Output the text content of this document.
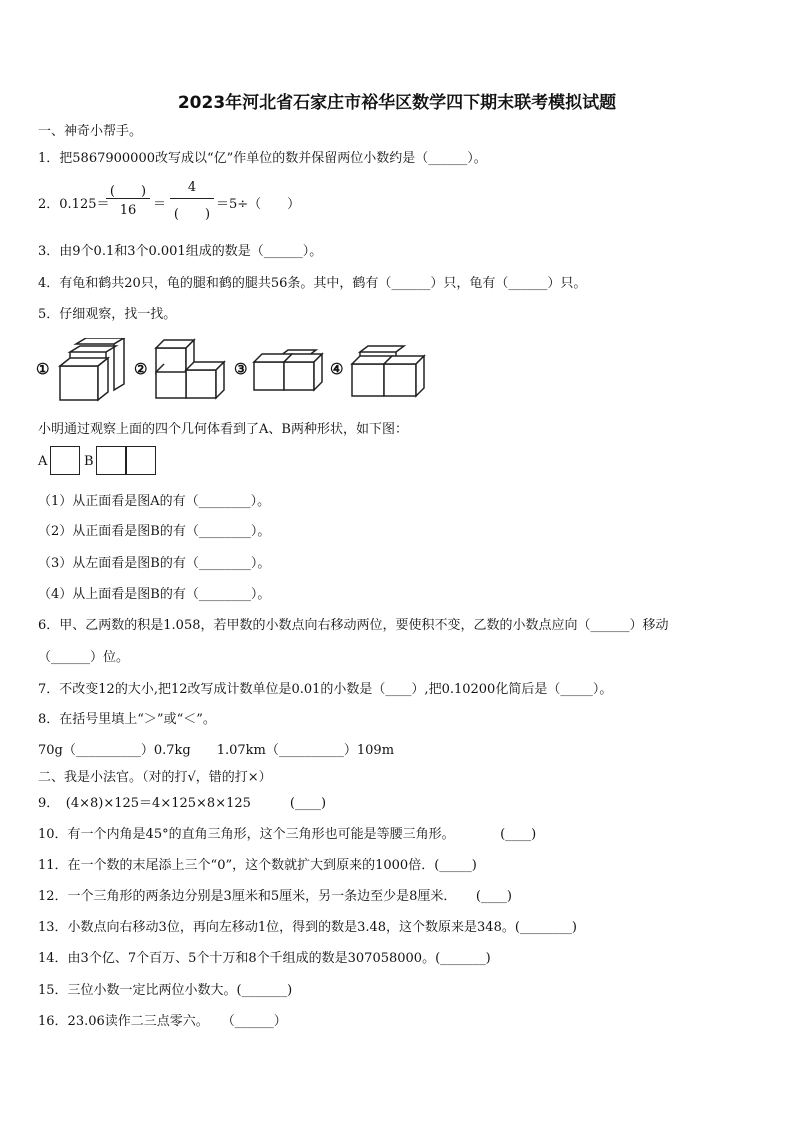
2023年河北省石家庄市裕华区数学四下期末联考模拟试题
一、神奇小帮手。
1．把5867900000改写成以“亿”作单位的数并保留两位小数约是（______）。
2．0.125＝
(　　)
16	＝
4
(　　)
＝5÷（　　）
3．由9个0.1和3个0.001组成的数是（______）。
4．有龟和鹤共20只，龟的腿和鹤的腿共56条。其中，鹤有（______）只，龟有（______）只。
5．仔细观察，找一找。
①	②	③	④
小明通过观察上面的四个几何体看到了A、B两种形状，如下图：
A	B
（1）从正面看是图A的有（________）。
（2）从正面看是图B的有（________）。
（3）从左面看是图B的有（________）。
（4）从上面看是图B的有（________）。
6．甲、乙两数的积是1.058，若甲数的小数点向右移动两位，要使积不变，乙数的小数点应向（______）移动
（______）位。
7．不改变12的大小,把12改写成计数单位是0.01的小数是（____）,把0.10200化简后是（_____）。
8．在括号里填上“＞”或“＜”。
70g（__________）0.7kg　　1.07km（__________）109m
二、我是小法官。（对的打√，错的打×）
9．　(4×8)×125＝4×125×8×125　　　(____)
10．有一个内角是45°的直角三角形，这个三角形也可能是等腰三角形。　　　　(____)
11．在一个数的末尾添上三个“0”，这个数就扩大到原来的1000倍．(_____)
12．一个三角形的两条边分别是3厘米和5厘米，另一条边至少是8厘米．　　(____)
13．小数点向右移动3位，再向左移动1位，得到的数是3.48，这个数原来是348。(________)
14．由3个亿、7个百万、5个十万和8个千组成的数是307058000。(_______)
15．三位小数一定比两位小数大。(_______)
16．23.06读作二三点零六。　　（______）
